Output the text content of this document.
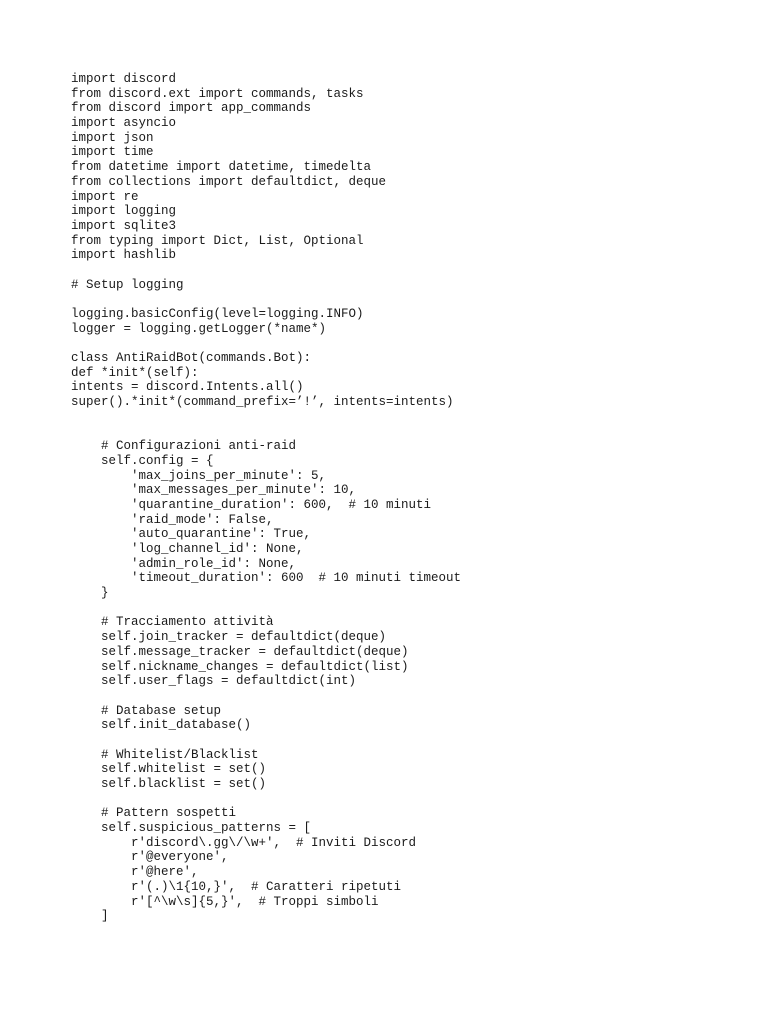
import discord
from discord.ext import commands, tasks
from discord import app_commands
import asyncio
import json
import time
from datetime import datetime, timedelta
from collections import defaultdict, deque
import re
import logging
import sqlite3
from typing import Dict, List, Optional
import hashlib
# Setup logging
logging.basicConfig(level=logging.INFO)
logger = logging.getLogger(*name*)
class AntiRaidBot(commands.Bot):
def *init*(self):
intents = discord.Intents.all()
super().*init*(command_prefix=’!’, intents=intents)
# Configurazioni anti-raid
self.config = {
'max_joins_per_minute': 5,
'max_messages_per_minute': 10,
'quarantine_duration': 600,  # 10 minuti
'raid_mode': False,
'auto_quarantine': True,
'log_channel_id': None,
'admin_role_id': None,
'timeout_duration': 600  # 10 minuti timeout
}
# Tracciamento attività
self.join_tracker = defaultdict(deque)
self.message_tracker = defaultdict(deque)
self.nickname_changes = defaultdict(list)
self.user_flags = defaultdict(int)
# Database setup
self.init_database()
# Whitelist/Blacklist
self.whitelist = set()
self.blacklist = set()
# Pattern sospetti
self.suspicious_patterns = [
r'discord\.gg\/\w+',  # Inviti Discord
r'@everyone',
r'@here',
r'(.)\1{10,}',  # Caratteri ripetuti
r'[^\w\s]{5,}',  # Troppi simboli
]
